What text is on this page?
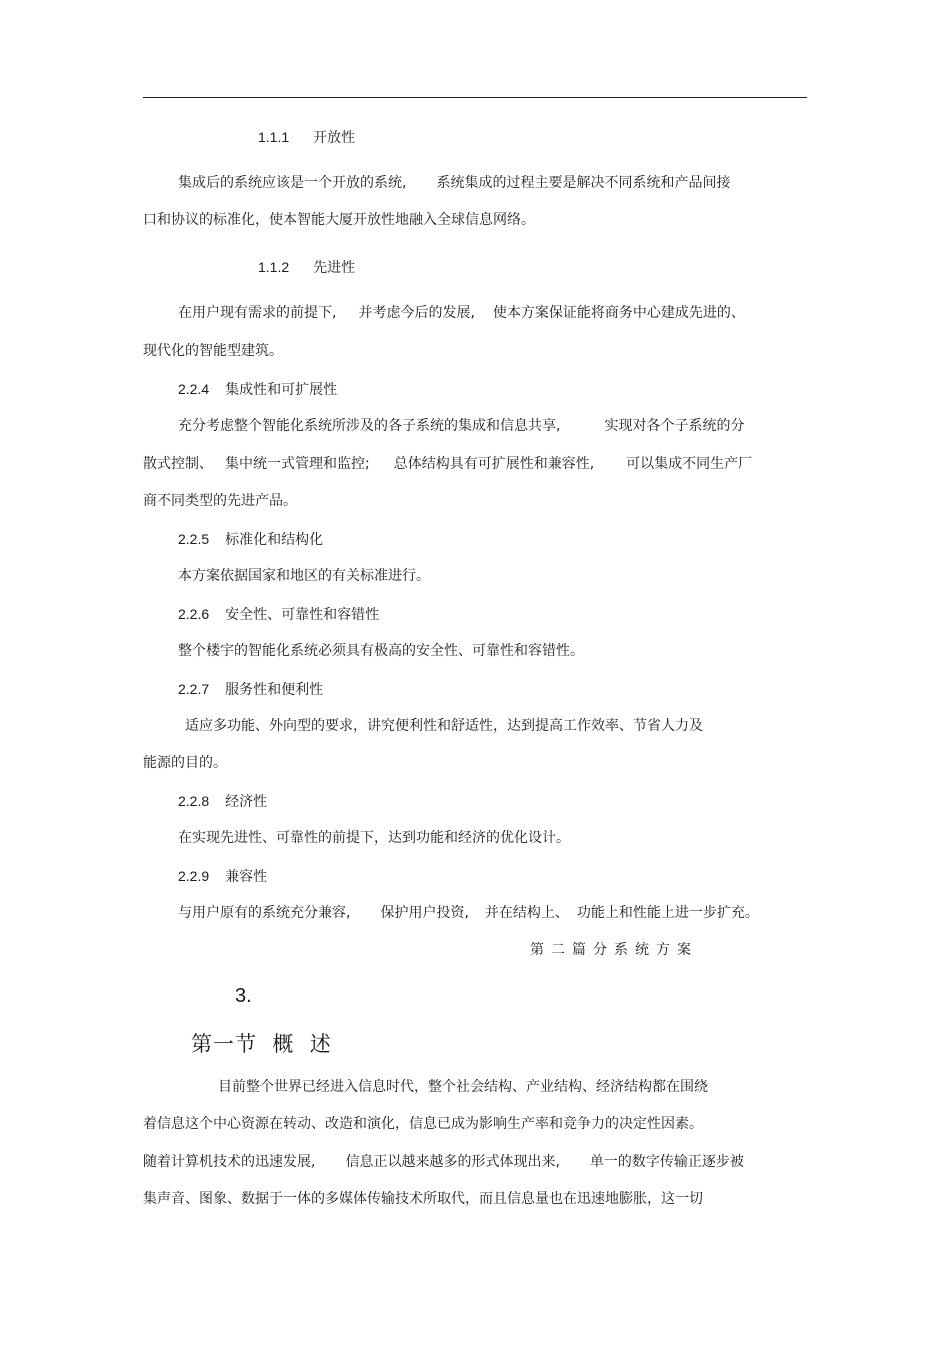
1.1.1 开放性
集成后的系统应该是一个开放的系统, 系统集成的过程主要是解决不同系统和产品间接
口和协议的标准化，使本智能大厦开放性地融入全球信息网络。
1.1.2 先进性
在用户现有需求的前提下, 并考虑今后的发展, 使本方案保证能将商务中心建成先进的、
现代化的智能型建筑。
2.2.4 集成性和可扩展性
充分考虑整个智能化系统所涉及的各子系统的集成和信息共享,	实现对各个子系统的分
散式控制、 集中统一式管理和监控; 总体结构具有可扩展性和兼容性, 可以集成不同生产厂
商不同类型的先进产品。
2.2.5 标准化和结构化
本方案依据国家和地区的有关标准进行。
2.2.6 安全性、可靠性和容错性
整个楼宇的智能化系统必须具有极高的安全性、可靠性和容错性。
2.2.7 服务性和便利性
适应多功能、外向型的要求，讲究便利性和舒适性，达到提高工作效率、节省人力及
能源的目的。
2.2.8 经济性
在实现先进性、可靠性的前提下，达到功能和经济的优化设计。
2.2.9 兼容性
与用户原有的系统充分兼容, 保护用户投资, 并在结构上、 功能上和性能上进一步扩充。
第二篇分系统方案
3.
第一节  概  述
目前整个世界已经进入信息时代，整个社会结构、产业结构、经济结构都在围绕
着信息这个中心资源在转动、改造和演化，信息已成为影响生产率和竞争力的决定性因素。
随着计算机技术的迅速发展, 信息正以越来越多的形式体现出来, 单一的数字传输正逐步被
集声音、图象、数据于一体的多媒体传输技术所取代，而且信息量也在迅速地膨胀，这一切
